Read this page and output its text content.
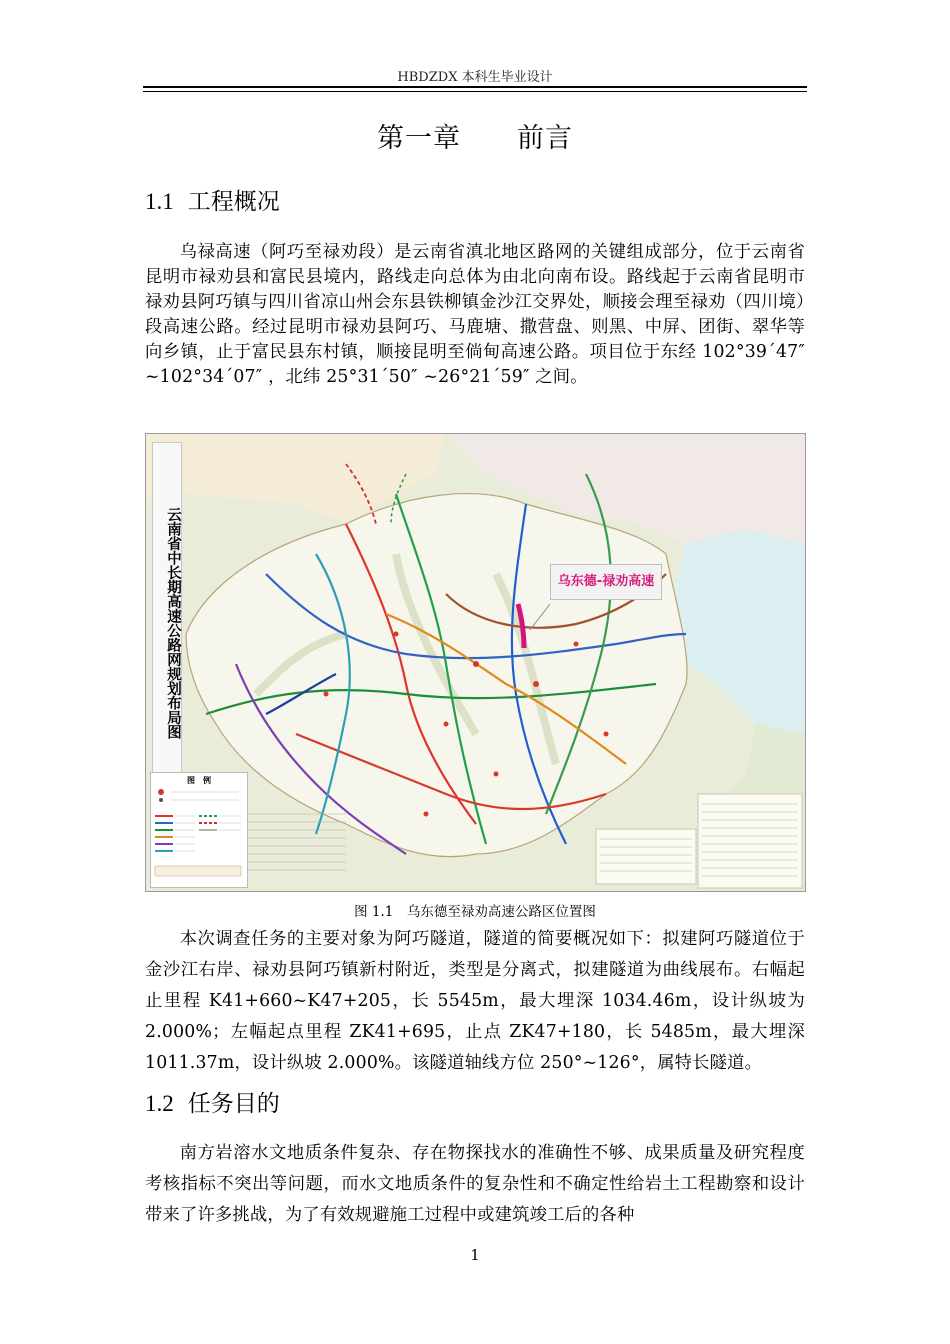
HBDZDX 本科生毕业设计
第一章　　前言
1.1 工程概况
乌禄高速（阿巧至禄劝段）是云南省滇北地区路网的关键组成部分，位于云南省昆明市禄劝县和富民县境内，路线走向总体为由北向南布设。路线起于云南省昆明市禄劝县阿巧镇与四川省凉山州会东县铁柳镇金沙江交界处，顺接会理至禄劝（四川境）段高速公路。经过昆明市禄劝县阿巧、马鹿塘、撒营盘、则黑、中屏、团街、翠华等向乡镇，止于富民县东村镇，顺接昆明至倘甸高速公路。项目位于东经 102°39´47″ ~102°34´07″ ，北纬 25°31´50″ ~26°21´59″ 之间。
云南省中长期高速公路网规划布局图
图　例
乌东德-禄劝高速
图 1.1　乌东德至禄劝高速公路区位置图
本次调查任务的主要对象为阿巧隧道，隧道的简要概况如下：拟建阿巧隧道位于金沙江右岸、禄劝县阿巧镇新村附近，类型是分离式，拟建隧道为曲线展布。右幅起止里程 K41+660~K47+205，长 5545m，最大埋深 1034.46m，设计纵坡为 2.000%；左幅起点里程 ZK41+695，止点 ZK47+180，长 5485m，最大埋深 1011.37m，设计纵坡 2.000%。该隧道轴线方位 250°~126°，属特长隧道。
1.2 任务目的
南方岩溶水文地质条件复杂、存在物探找水的准确性不够、成果质量及研究程度考核指标不突出等问题，而水文地质条件的复杂性和不确定性给岩土工程勘察和设计带来了许多挑战，为了有效规避施工过程中或建筑竣工后的各种
1
